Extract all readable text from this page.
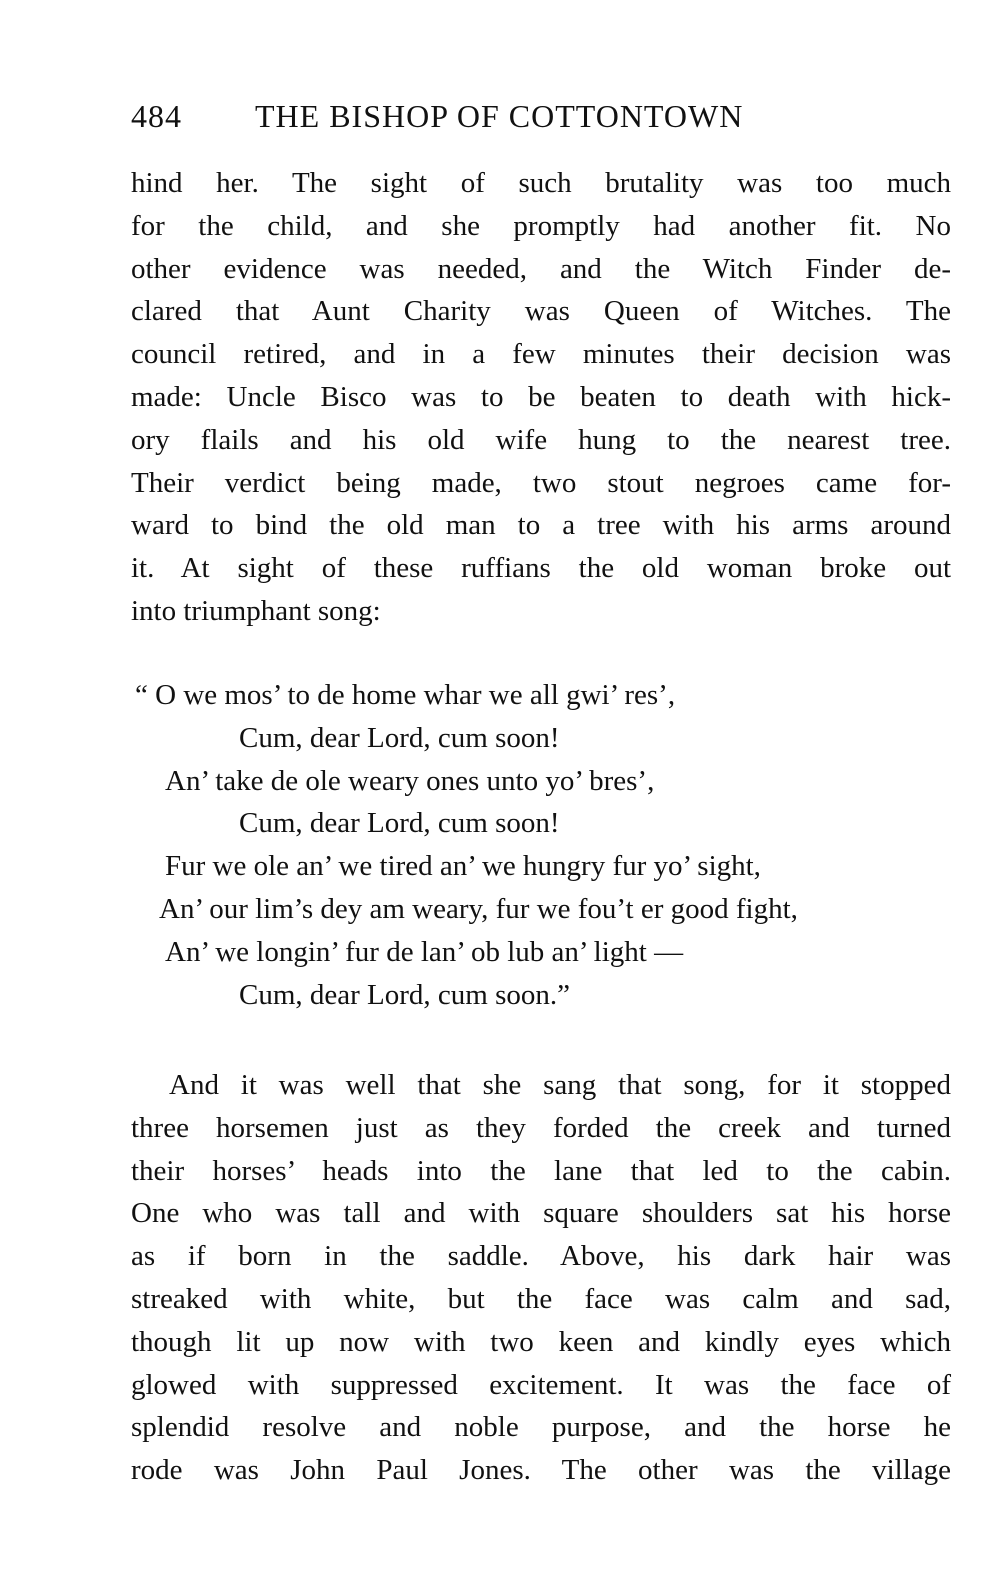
484 THE BISHOP OF COTTONTOWN
hind her. The sight of such brutality was too much
for the child, and she promptly had another fit. No
other evidence was needed, and the Witch Finder de-
clared that Aunt Charity was Queen of Witches. The
council retired, and in a few minutes their decision was
made: Uncle Bisco was to be beaten to death with hick-
ory flails and his old wife hung to the nearest tree.
Their verdict being made, two stout negroes came for-
ward to bind the old man to a tree with his arms around
it. At sight of these ruffians the old woman broke out
into triumphant song:
“ O we mos’ to de home whar we all gwi’ res’,
Cum, dear Lord, cum soon!
An’ take de ole weary ones unto yo’ bres’,
Cum, dear Lord, cum soon!
Fur we ole an’ we tired an’ we hungry fur yo’ sight,
An’ our lim’s dey am weary, fur we fou’t er good fight,
An’ we longin’ fur de lan’ ob lub an’ light —
Cum, dear Lord, cum soon.”
And it was well that she sang that song, for it stopped
three horsemen just as they forded the creek and turned
their horses’ heads into the lane that led to the cabin.
One who was tall and with square shoulders sat his horse
as if born in the saddle. Above, his dark hair was
streaked with white, but the face was calm and sad,
though lit up now with two keen and kindly eyes which
glowed with suppressed excitement. It was the face of
splendid resolve and noble purpose, and the horse he
rode was John Paul Jones. The other was the village
